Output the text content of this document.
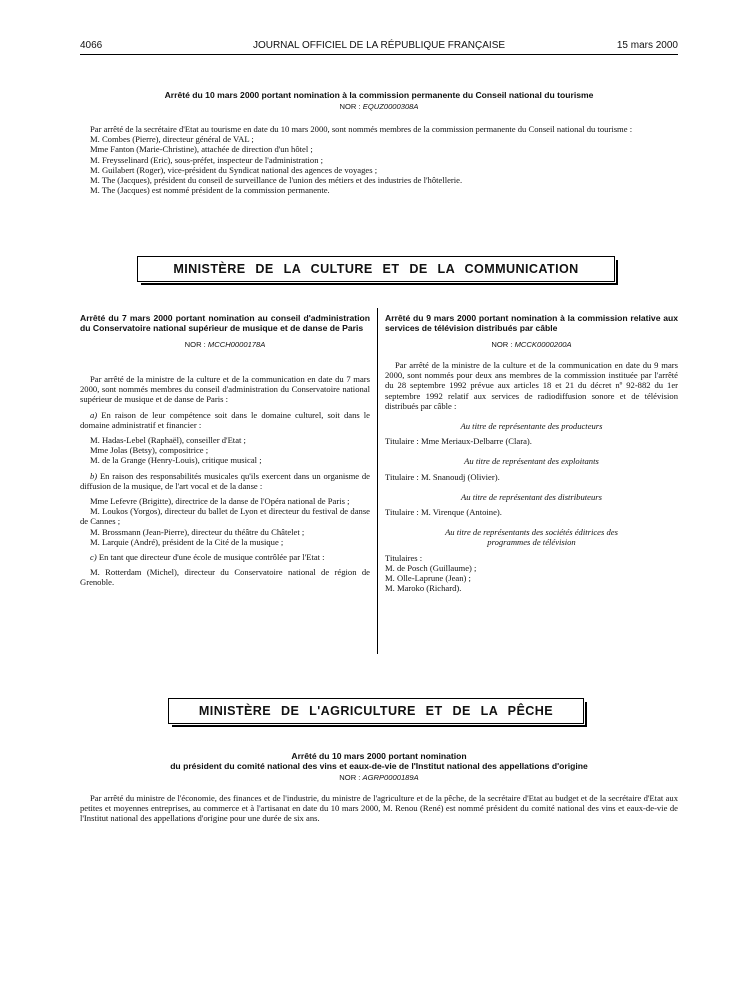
4066	JOURNAL OFFICIEL DE LA RÉPUBLIQUE FRANÇAISE	15 mars 2000
Arrêté du 10 mars 2000 portant nomination à la commission permanente du Conseil national du tourisme
NOR : EQUZ0000308A

Par arrêté de la secrétaire d'Etat au tourisme en date du 10 mars 2000, sont nommés membres de la commission permanente du Conseil national du tourisme :

M. Combes (Pierre), directeur général de VAL ;

Mme Fanton (Marie-Christine), attachée de direction d'un hôtel ;

M. Freysselinard (Eric), sous-préfet, inspecteur de l'administration ;

M. Guilabert (Roger), vice-président du Syndicat national des agences de voyages ;

M. The (Jacques), président du conseil de surveillance de l'union des métiers et des industries de l'hôtellerie.

M. The (Jacques) est nommé président de la commission permanente.

MINISTÈRE DE LA CULTURE ET DE LA COMMUNICATION
Arrêté du 7 mars 2000 portant nomination au conseil d'administration du Conservatoire national supérieur de musique et de danse de Paris
NOR : MCCH0000178A

Par arrêté de la ministre de la culture et de la communication en date du 7 mars 2000, sont nommés membres du conseil d'administration du Conservatoire national supérieur de musique et de danse de Paris :

a) En raison de leur compétence soit dans le domaine culturel, soit dans le domaine administratif et financier :

M. Hadas-Lebel (Raphaël), conseiller d'Etat ;

Mme Jolas (Betsy), compositrice ;

M. de la Grange (Henry-Louis), critique musical ;

b) En raison des responsabilités musicales qu'ils exercent dans un organisme de diffusion de la musique, de l'art vocal et de la danse :

Mme Lefevre (Brigitte), directrice de la danse de l'Opéra national de Paris ;

M. Loukos (Yorgos), directeur du ballet de Lyon et directeur du festival de danse de Cannes ;

M. Brossmann (Jean-Pierre), directeur du théâtre du Châtelet ;

M. Larquie (André), président de la Cité de la musique ;

c) En tant que directeur d'une école de musique contrôlée par l'Etat :

M. Rotterdam (Michel), directeur du Conservatoire national de région de Grenoble.

Arrêté du 9 mars 2000 portant nomination à la commission relative aux services de télévision distribués par câble
NOR : MCCK0000200A

Par arrêté de la ministre de la culture et de la communication en date du 9 mars 2000, sont nommés pour deux ans membres de la commission instituée par l'arrêté du 28 septembre 1992 prévue aux articles 18 et 21 du décret nº 92-882 du 1er septembre 1992 relatif aux services de radiodiffusion sonore et de télévision distribués par câble :

Au titre de représentante des producteurs

Titulaire : Mme Meriaux-Delbarre (Clara).

Au titre de représentant des exploitants

Titulaire : M. Snanoudj (Olivier).

Au titre de représentant des distributeurs

Titulaire : M. Virenque (Antoine).

Au titre de représentants des sociétés éditrices des programmes de télévision

Titulaires :

M. de Posch (Guillaume) ;

M. Olle-Laprune (Jean) ;

M. Maroko (Richard).

MINISTÈRE DE L'AGRICULTURE ET DE LA PÊCHE
Arrêté du 10 mars 2000 portant nomination
du président du comité national des vins et eaux-de-vie de l'Institut national des appellations d'origine
NOR : AGRP0000189A

Par arrêté du ministre de l'économie, des finances et de l'industrie, du ministre de l'agriculture et de la pêche, de la secrétaire d'Etat au budget et de la secrétaire d'Etat aux petites et moyennes entreprises, au commerce et à l'artisanat en date du 10 mars 2000, M. Renou (René) est nommé président du comité national des vins et eaux-de-vie de l'Institut national des appellations d'origine pour une durée de six ans.
